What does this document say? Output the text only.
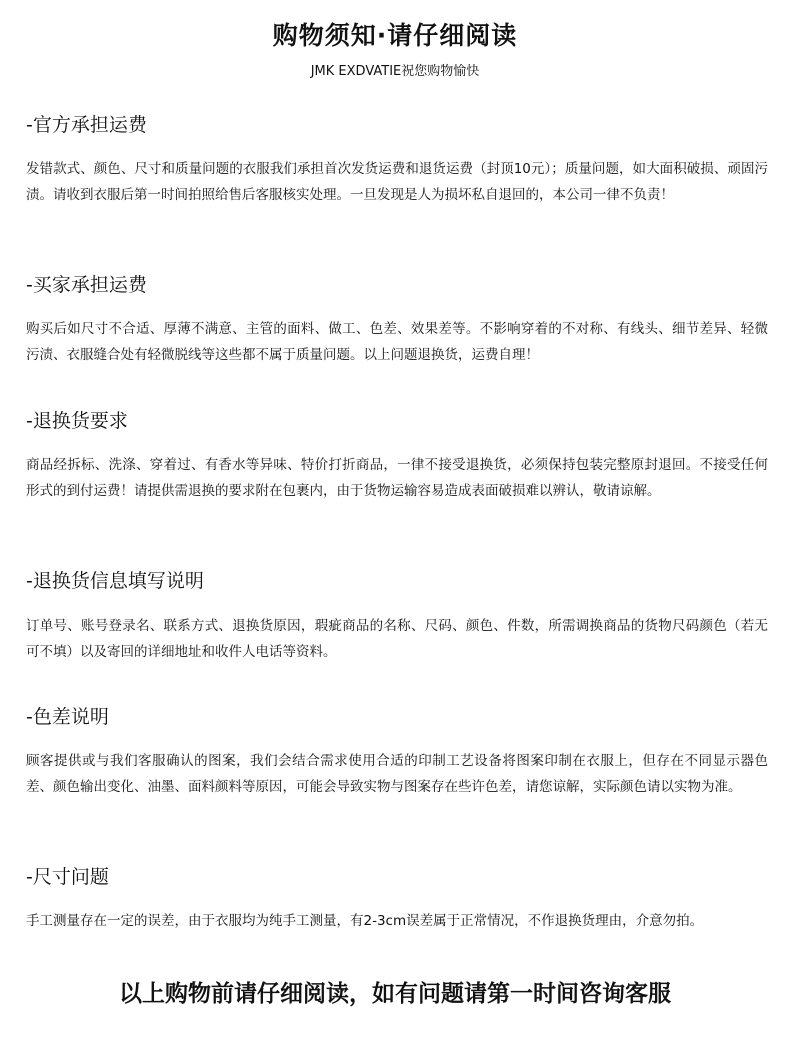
购物须知·请仔细阅读

JMK EXDVATIE祝您购物愉快

-官方承担运费

发错款式、颜色、尺寸和质量问题的衣服我们承担首次发货运费和退货运费（封顶10元）；质量问题，如大面积破损、顽固污渍。请收到衣服后第一时间拍照给售后客服核实处理。一旦发现是人为损坏私自退回的，本公司一律不负责！

-买家承担运费

购买后如尺寸不合适、厚薄不满意、主管的面料、做工、色差、效果差等。不影响穿着的不对称、有线头、细节差异、轻微污渍、衣服缝合处有轻微脱线等这些都不属于质量问题。以上问题退换货，运费自理！

-退换货要求

商品经拆标、洗涤、穿着过、有香水等异味、特价打折商品，一律不接受退换货，必须保持包装完整原封退回。不接受任何形式的到付运费！请提供需退换的要求附在包裹内，由于货物运输容易造成表面破损难以辨认，敬请谅解。

-退换货信息填写说明

订单号、账号登录名、联系方式、退换货原因，瑕疵商品的名称、尺码、颜色、件数，所需调换商品的货物尺码颜色（若无可不填）以及寄回的详细地址和收件人电话等资料。

-色差说明

顾客提供或与我们客服确认的图案，我们会结合需求使用合适的印制工艺设备将图案印制在衣服上，但存在不同显示器色差、颜色输出变化、油墨、面料颜料等原因，可能会导致实物与图案存在些许色差，请您谅解，实际颜色请以实物为准。

-尺寸问题

手工测量存在一定的误差，由于衣服均为纯手工测量，有2-3cm误差属于正常情况，不作退换货理由，介意勿拍。

以上购物前请仔细阅读，如有问题请第一时间咨询客服
